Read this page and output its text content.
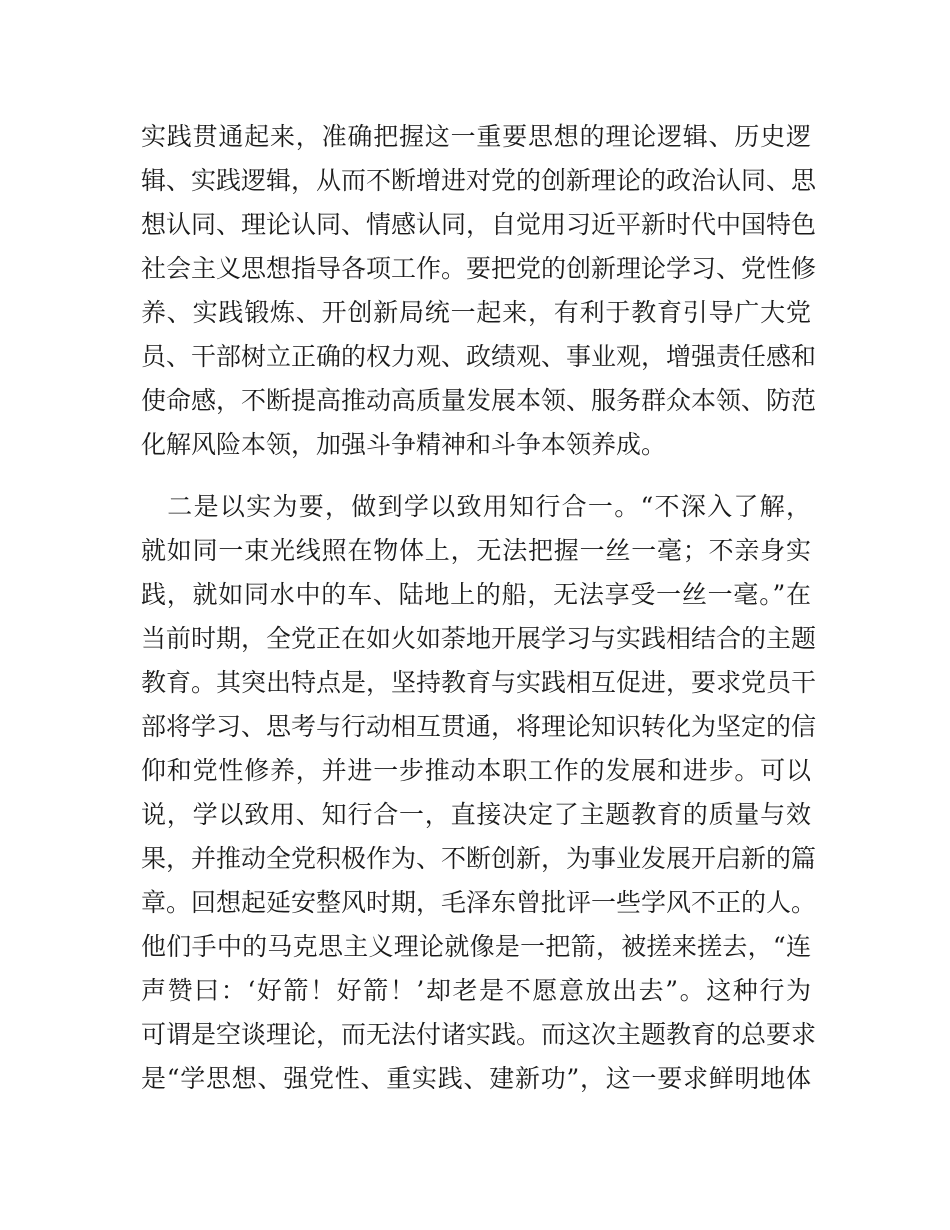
实践贯通起来，准确把握这一重要思想的理论逻辑、历史逻
辑、实践逻辑，从而不断增进对党的创新理论的政治认同、思
想认同、理论认同、情感认同，自觉用习近平新时代中国特色
社会主义思想指导各项工作。要把党的创新理论学习、党性修
养、实践锻炼、开创新局统一起来，有利于教育引导广大党
员、干部树立正确的权力观、政绩观、事业观，增强责任感和
使命感，不断提高推动高质量发展本领、服务群众本领、防范
化解风险本领，加强斗争精神和斗争本领养成。
　二是以实为要，做到学以致用知行合一。“不深入了解，
就如同一束光线照在物体上，无法把握一丝一毫；不亲身实
践，就如同水中的车、陆地上的船，无法享受一丝一毫。”在
当前时期，全党正在如火如荼地开展学习与实践相结合的主题
教育。其突出特点是，坚持教育与实践相互促进，要求党员干
部将学习、思考与行动相互贯通，将理论知识转化为坚定的信
仰和党性修养，并进一步推动本职工作的发展和进步。可以
说，学以致用、知行合一，直接决定了主题教育的质量与效
果，并推动全党积极作为、不断创新，为事业发展开启新的篇
章。回想起延安整风时期，毛泽东曾批评一些学风不正的人。
他们手中的马克思主义理论就像是一把箭，被搓来搓去，“连
声赞曰：‘好箭！好箭！’却老是不愿意放出去”。这种行为
可谓是空谈理论，而无法付诸实践。而这次主题教育的总要求
是“学思想、强党性、重实践、建新功”，这一要求鲜明地体
